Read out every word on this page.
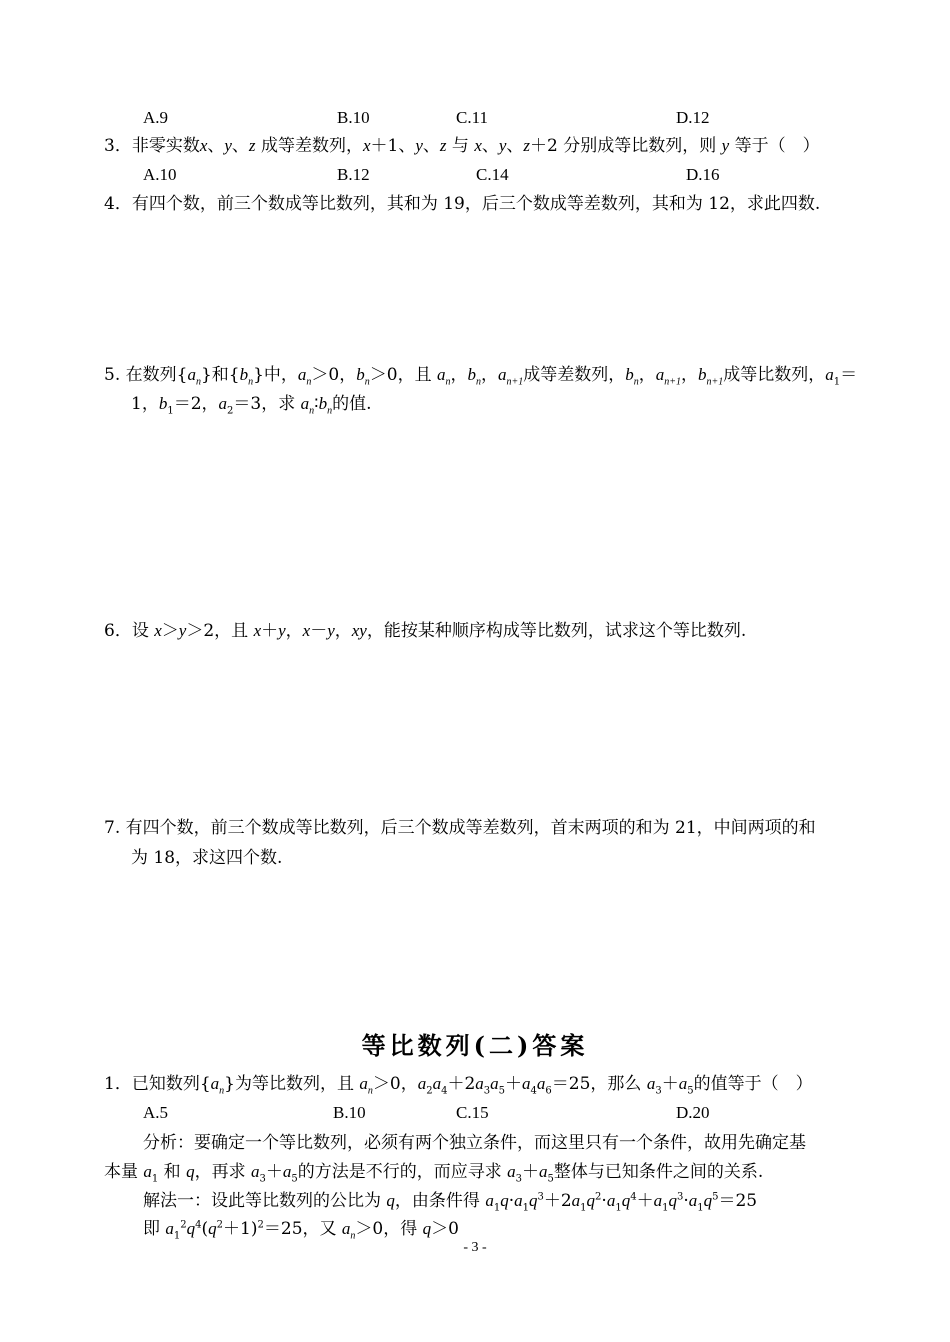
A.9	B.10	C.11	D.12
3．非零实数x、y、z 成等差数列，x＋1、y、z 与 x、y、z＋2 分别成等比数列，则 y 等于（　）
A.10	B.12	C.14	D.16
4．有四个数，前三个数成等比数列，其和为 19，后三个数成等差数列，其和为 12，求此四数.
5. 在数列$\{a_n\}$和$\{b_n\}$中，$a_n>0$，$b_n>0$，且 $a_n$，$b_n$，$a_{n+1}$成等差数列，$b_n$，$a_{n+1}$，$b_{n+1}$成等比数列，$a_1=$
1，$b_1=2$，$a_2=3$，求 $a_n∶b_n$的值.
6．设 x＞y＞2，且 x＋y，x－y，xy，能按某种顺序构成等比数列，试求这个等比数列.
7. 有四个数，前三个数成等比数列，后三个数成等差数列，首末两项的和为 21，中间两项的和
为 18，求这四个数.
等比数列(二)答案
1．已知数列$\{a_n\}$为等比数列，且 $a_n>0$，$a_2a_4+2a_3a_5+a_4a_6=25$，那么 $a_3+a_5$的值等于（　）
A.5	B.10	C.15	D.20
分析：要确定一个等比数列，必须有两个独立条件，而这里只有一个条件，故用先确定基
本量 $a_1$ 和 q，再求 $a_3+a_5$的方法是不行的，而应寻求 $a_3+a_5$整体与已知条件之间的关系.
解法一：设此等比数列的公比为 q，由条件得 $a_1q\cdot a_1q^3+2a_1q^2\cdot a_1q^4+a_1q^3\cdot a_1q^5=25$
即 $a_1^2q^4(q^2+1)^2=25$，又 $a_n>0$，得 q＞0
- 3 -
